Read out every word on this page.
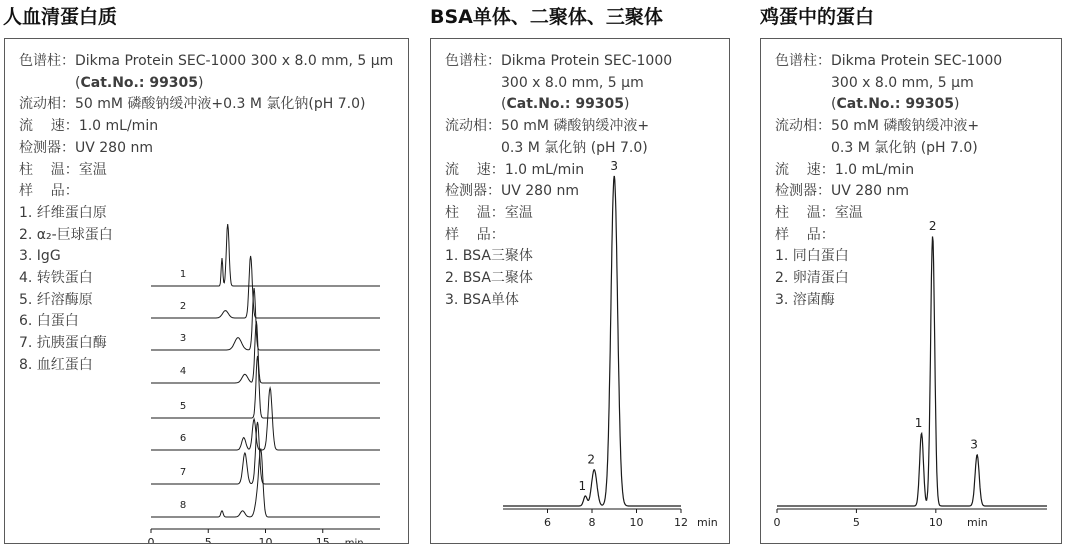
人血清蛋白质
色谱柱： Dikma Protein SEC-1000 300 x 8.0 mm, 5 µm
(Cat.No.: 99305)
流动相： 50 mM 磷酸钠缓冲液+0.3 M 氯化钠(pH 7.0)
流    速： 1.0 mL/min
检测器： UV 280 nm
柱    温： 室温
样    品：
1. 纤维蛋白原
2. α₂-巨球蛋白
3. IgG
4. 转铁蛋白
5. 纤溶酶原
6. 白蛋白
7. 抗胰蛋白酶
8. 血红蛋白
1
2
3
4
5
6
7
8
0	5	10	15 min
BSA单体、二聚体、三聚体
色谱柱： Dikma Protein SEC-1000
300 x 8.0 mm, 5 µm
(Cat.No.: 99305)
流动相： 50 mM 磷酸钠缓冲液+
0.3 M 氯化钠 (pH 7.0)
流    速： 1.0 mL/min
检测器： UV 280 nm
柱    温： 室温
样    品：
1. BSA三聚体
2. BSA二聚体
3. BSA单体
1
2
3
6	8	10	12 min
鸡蛋中的蛋白
色谱柱： Dikma Protein SEC-1000
300 x 8.0 mm, 5 µm
(Cat.No.: 99305)
流动相： 50 mM 磷酸钠缓冲液+
0.3 M 氯化钠 (pH 7.0)
流    速： 1.0 mL/min
检测器： UV 280 nm
柱    温： 室温
样    品：
1. 同白蛋白
2. 卵清蛋白
3. 溶菌酶
1
2
3
0	5	10 min
